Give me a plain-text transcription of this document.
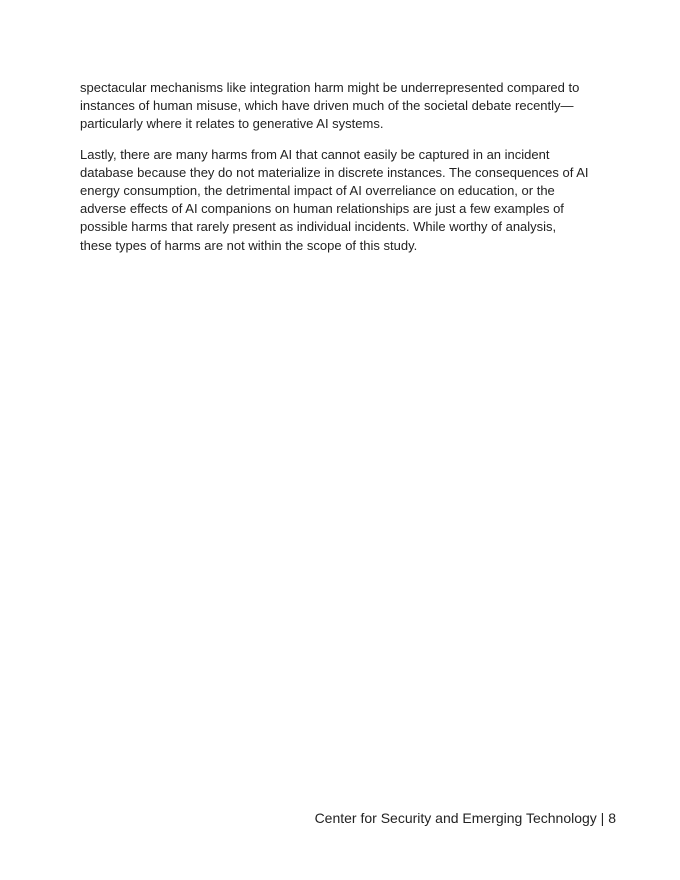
spectacular mechanisms like integration harm might be underrepresented compared to
instances of human misuse, which have driven much of the societal debate recently—
particularly where it relates to generative AI systems.

Lastly, there are many harms from AI that cannot easily be captured in an incident
database because they do not materialize in discrete instances. The consequences of AI
energy consumption, the detrimental impact of AI overreliance on education, or the
adverse effects of AI companions on human relationships are just a few examples of
possible harms that rarely present as individual incidents. While worthy of analysis,
these types of harms are not within the scope of this study.

Center for Security and Emerging Technology | 8
